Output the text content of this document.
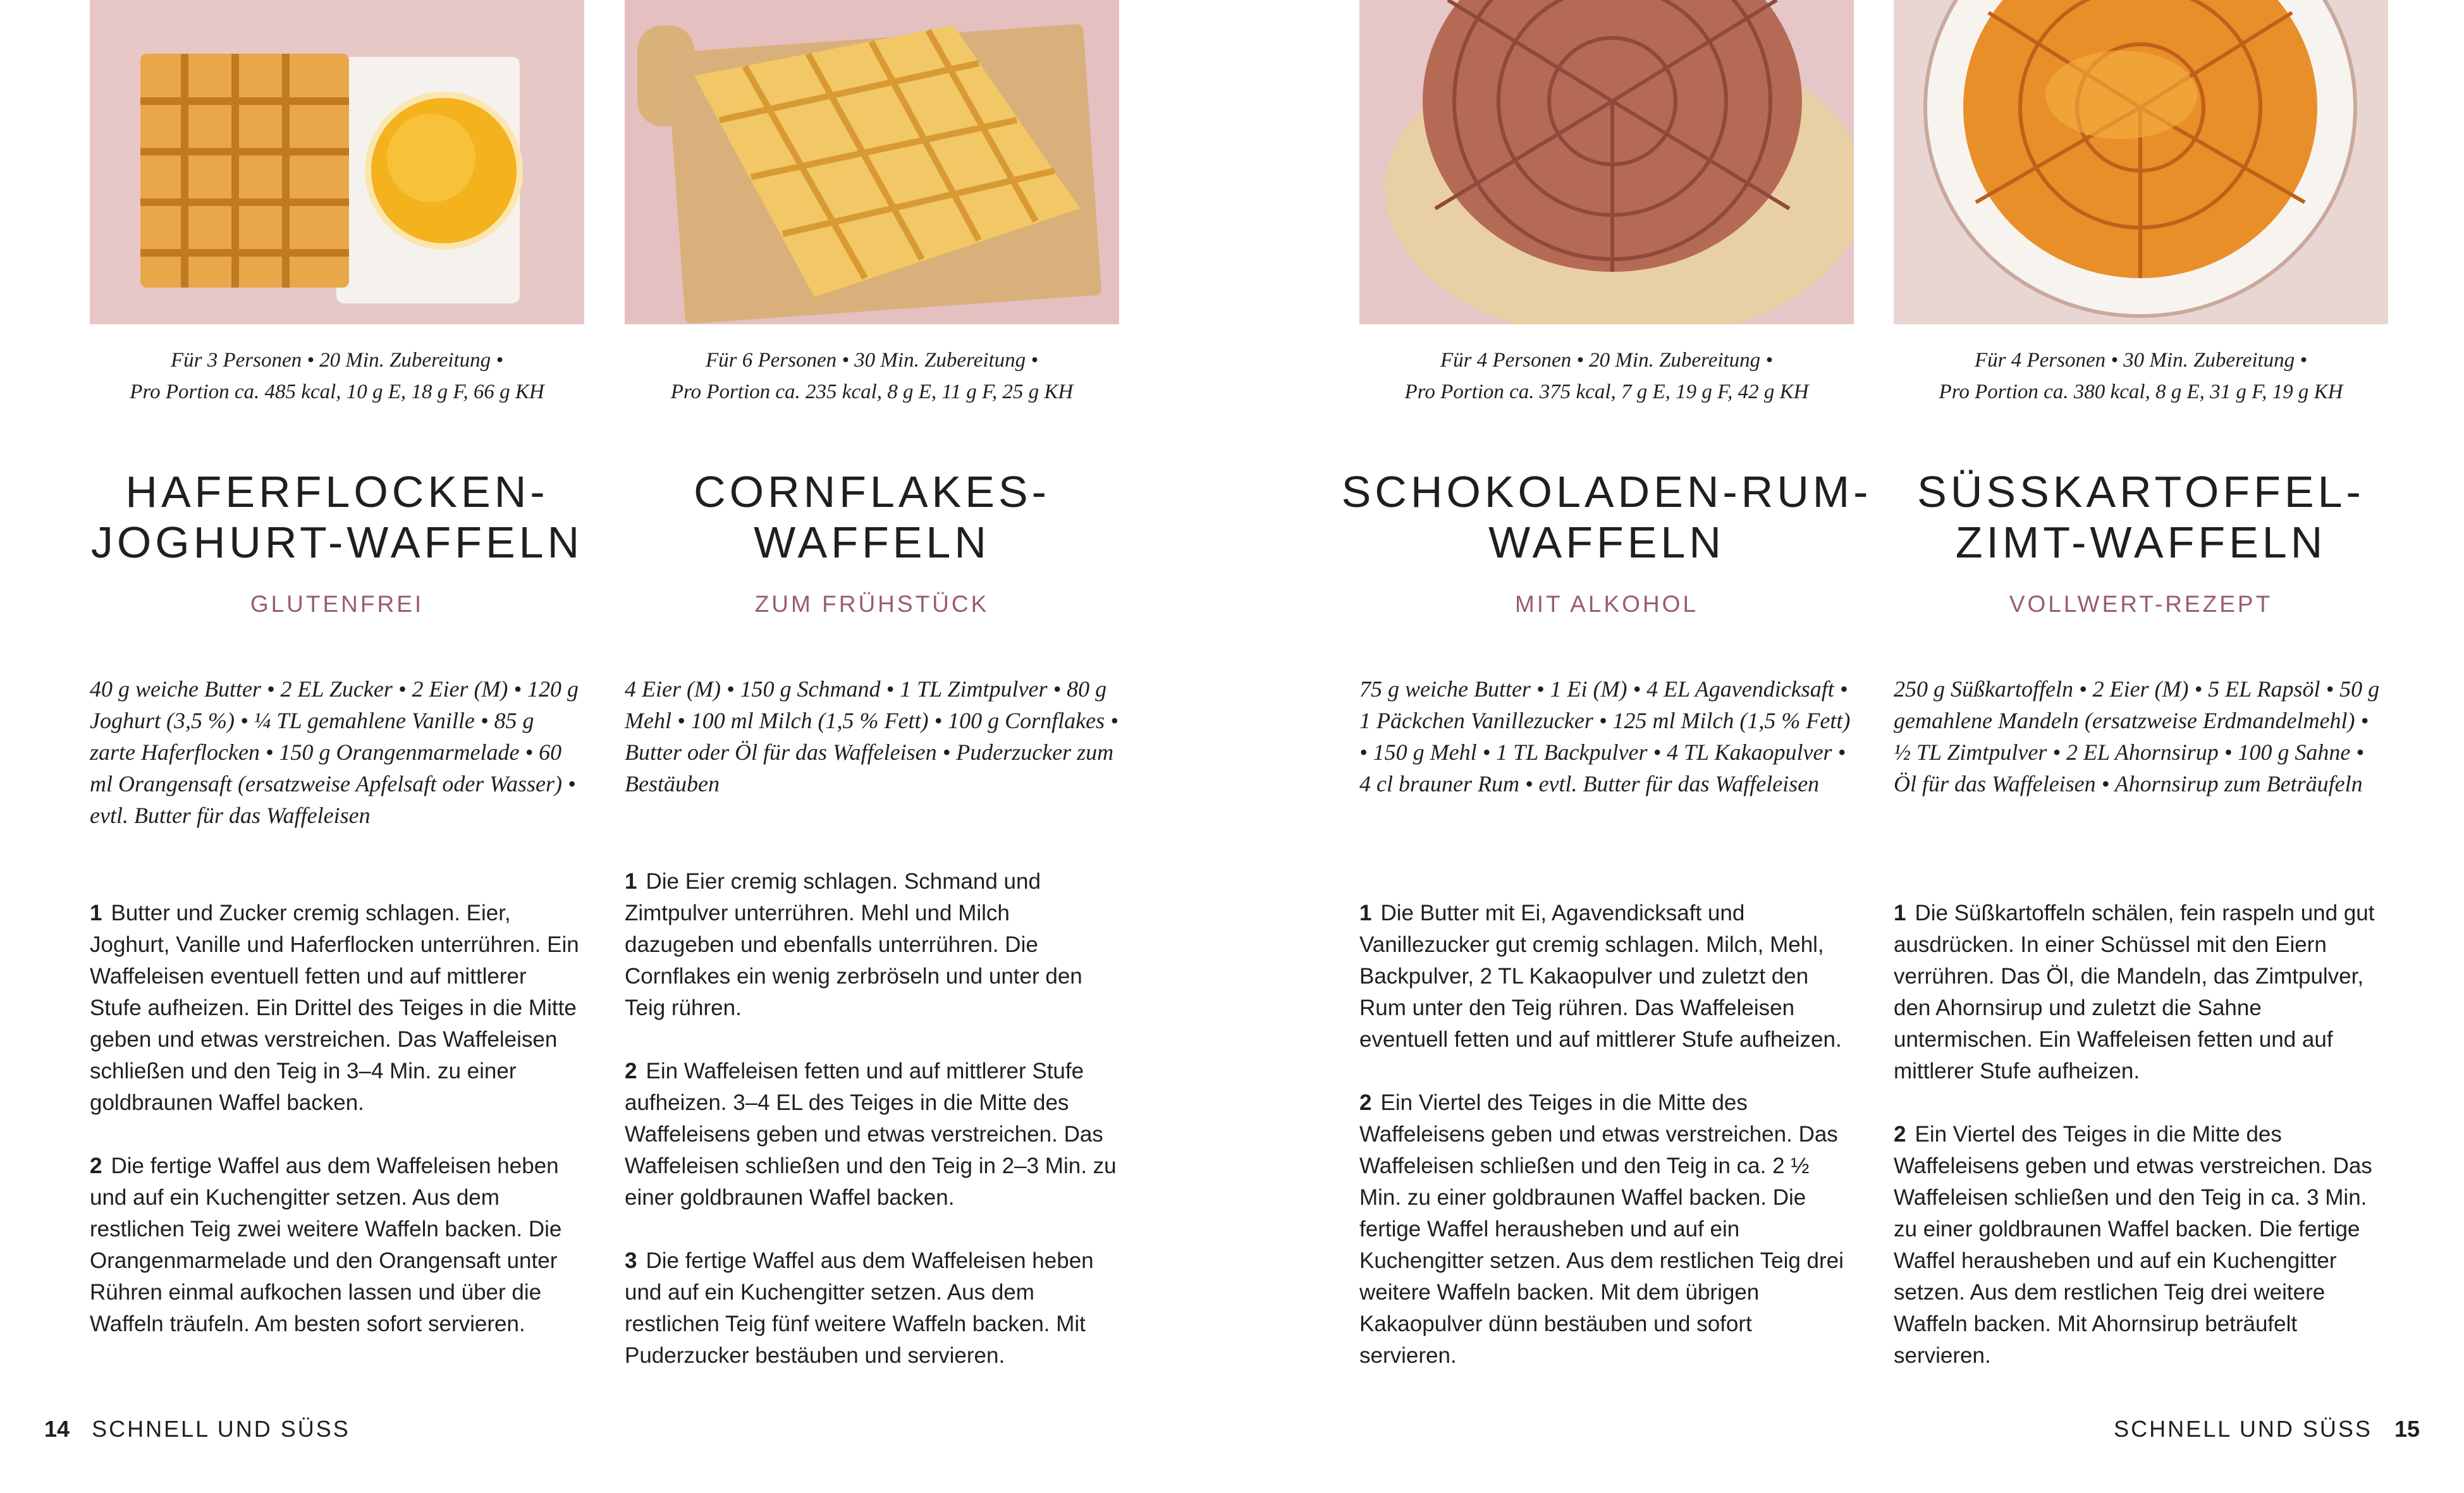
Für 3 Personen • 20 Min. Zubereitung •
Pro Portion ca. 485 kcal, 10 g E, 18 g F, 66 g KH
HAFERFLOCKEN-
JOGHURT-WAFFELN
GLUTENFREI
40 g weiche Butter • 2 EL Zucker • 2 Eier (M) • 120 g Joghurt (3,5 %) • ¼ TL gemahlene Vanille • 85 g zarte Haferflocken • 150 g Orangenmarmelade • 60 ml Orangensaft (ersatzweise Apfelsaft oder Wasser) • evtl. Butter für das Waffeleisen

1 Butter und Zucker cremig schlagen. Eier, Joghurt, Vanille und Haferflocken unterrühren. Ein Waffeleisen eventuell fetten und auf mittlerer Stufe aufheizen. Ein Drittel des Teiges in die Mitte geben und etwas verstreichen. Das Waffeleisen schließen und den Teig in 3–4 Min. zu einer goldbraunen Waffel backen.

2 Die fertige Waffel aus dem Waffeleisen heben und auf ein Kuchengitter setzen. Aus dem restlichen Teig zwei weitere Waffeln backen. Die Orangenmarmelade und den Orangensaft unter Rühren einmal aufkochen lassen und über die Waffeln träufeln. Am besten sofort servieren.

Für 6 Personen • 30 Min. Zubereitung •
Pro Portion ca. 235 kcal, 8 g E, 11 g F, 25 g KH
CORNFLAKES-
WAFFELN
ZUM FRÜHSTÜCK
4 Eier (M) • 150 g Schmand • 1 TL Zimtpulver • 80 g Mehl • 100 ml Milch (1,5 % Fett) • 100 g Cornflakes • Butter oder Öl für das Waffeleisen • Puderzucker zum Bestäuben

1 Die Eier cremig schlagen. Schmand und Zimtpulver unterrühren. Mehl und Milch dazugeben und ebenfalls unterrühren. Die Cornflakes ein wenig zerbröseln und unter den Teig rühren.

2 Ein Waffeleisen fetten und auf mittlerer Stufe aufheizen. 3–4 EL des Teiges in die Mitte des Waffeleisens geben und etwas verstreichen. Das Waffeleisen schließen und den Teig in 2–3 Min. zu einer goldbraunen Waffel backen.

3 Die fertige Waffel aus dem Waffeleisen heben und auf ein Kuchengitter setzen. Aus dem restlichen Teig fünf weitere Waffeln backen. Mit Puderzucker bestäuben und servieren.

Für 4 Personen • 20 Min. Zubereitung •
Pro Portion ca. 375 kcal, 7 g E, 19 g F, 42 g KH
SCHOKOLADEN-RUM-
WAFFELN
MIT ALKOHOL
75 g weiche Butter • 1 Ei (M) • 4 EL Agavendicksaft • 1 Päckchen Vanillezucker • 125 ml Milch (1,5 % Fett) • 150 g Mehl • 1 TL Backpulver • 4 TL Kakaopulver • 4 cl brauner Rum • evtl. Butter für das Waffeleisen

1 Die Butter mit Ei, Agavendicksaft und Vanillezucker gut cremig schlagen. Milch, Mehl, Backpulver, 2 TL Kakaopulver und zuletzt den Rum unter den Teig rühren. Das Waffeleisen eventuell fetten und auf mittlerer Stufe aufheizen.

2 Ein Viertel des Teiges in die Mitte des Waffeleisens geben und etwas verstreichen. Das Waffeleisen schließen und den Teig in ca. 2 ½ Min. zu einer goldbraunen Waffel backen. Die fertige Waffel herausheben und auf ein Kuchengitter setzen. Aus dem restlichen Teig drei weitere Waffeln backen. Mit dem übrigen Kakaopulver dünn bestäuben und sofort servieren.

Für 4 Personen • 30 Min. Zubereitung •
Pro Portion ca. 380 kcal, 8 g E, 31 g F, 19 g KH
SÜSSKARTOFFEL-
ZIMT-WAFFELN
VOLLWERT-REZEPT
250 g Süßkartoffeln • 2 Eier (M) • 5 EL Rapsöl • 50 g gemahlene Mandeln (ersatzweise Erdmandelmehl) • ½ TL Zimtpulver • 2 EL Ahornsirup • 100 g Sahne • Öl für das Waffeleisen • Ahornsirup zum Beträufeln

1 Die Süßkartoffeln schälen, fein raspeln und gut ausdrücken. In einer Schüssel mit den Eiern verrühren. Das Öl, die Mandeln, das Zimtpulver, den Ahornsirup und zuletzt die Sahne untermischen. Ein Waffeleisen fetten und auf mittlerer Stufe aufheizen.

2 Ein Viertel des Teiges in die Mitte des Waffeleisens geben und etwas verstreichen. Das Waffeleisen schließen und den Teig in ca. 3 Min. zu einer goldbraunen Waffel backen. Die fertige Waffel herausheben und auf ein Kuchengitter setzen. Aus dem restlichen Teig drei weitere Waffeln backen. Mit Ahornsirup beträufelt servieren.

14 SCHNELL UND SÜSS	SCHNELL UND SÜSS 15
